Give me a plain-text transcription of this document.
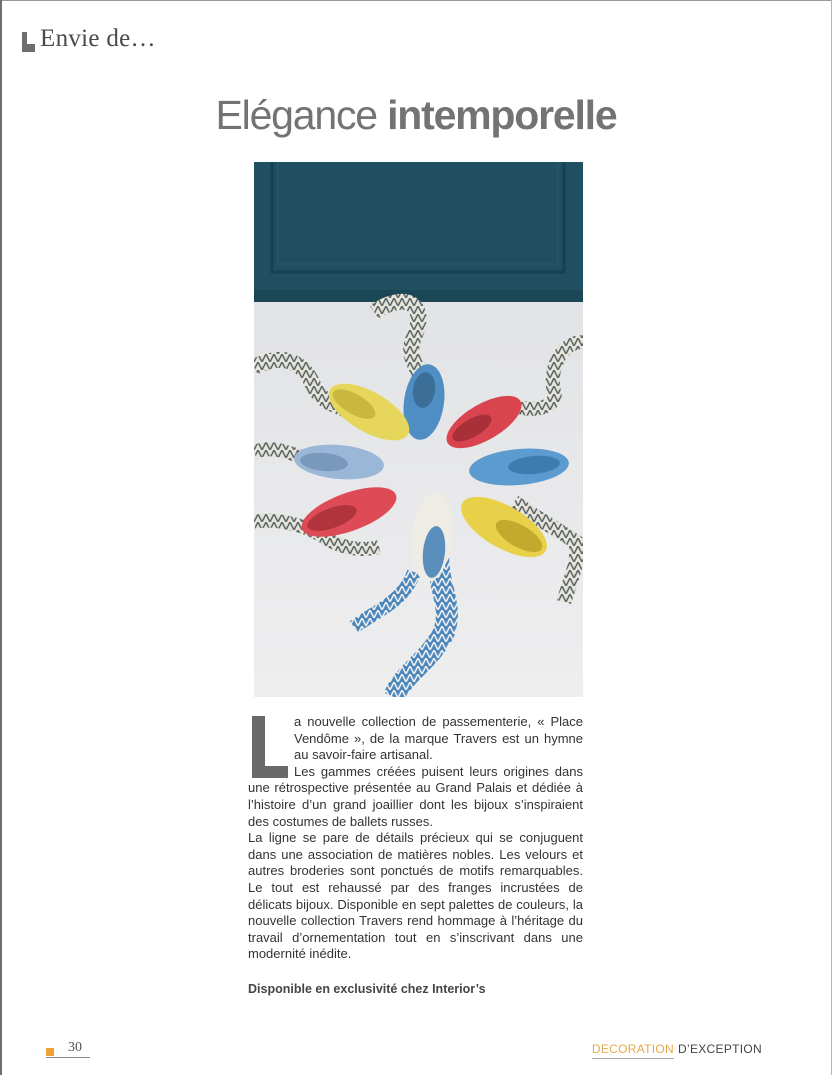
Envie de…
Elégance intemporelle

a nouvelle collection de passementerie, « Place Vendôme », de la marque Travers est un hymne au savoir-faire artisanal.

Les gammes créées puisent leurs origines dans une rétrospective présentée au Grand Palais et dédiée à l’histoire d’un grand joaillier dont les bijoux s’inspiraient des costumes de ballets russes.

La ligne se pare de détails précieux qui se conjuguent dans une association de matières nobles. Les velours et autres broderies sont ponctués de motifs remarquables. Le tout est rehaussé par des franges incrustées de délicats bijoux. Disponible en sept palettes de couleurs, la nouvelle collection Travers rend hommage à l’héritage du travail d’ornementation tout en s’inscrivant dans une modernité inédite.

Disponible en exclusivité chez Interior’s
30	DECORATION D’EXCEPTION
